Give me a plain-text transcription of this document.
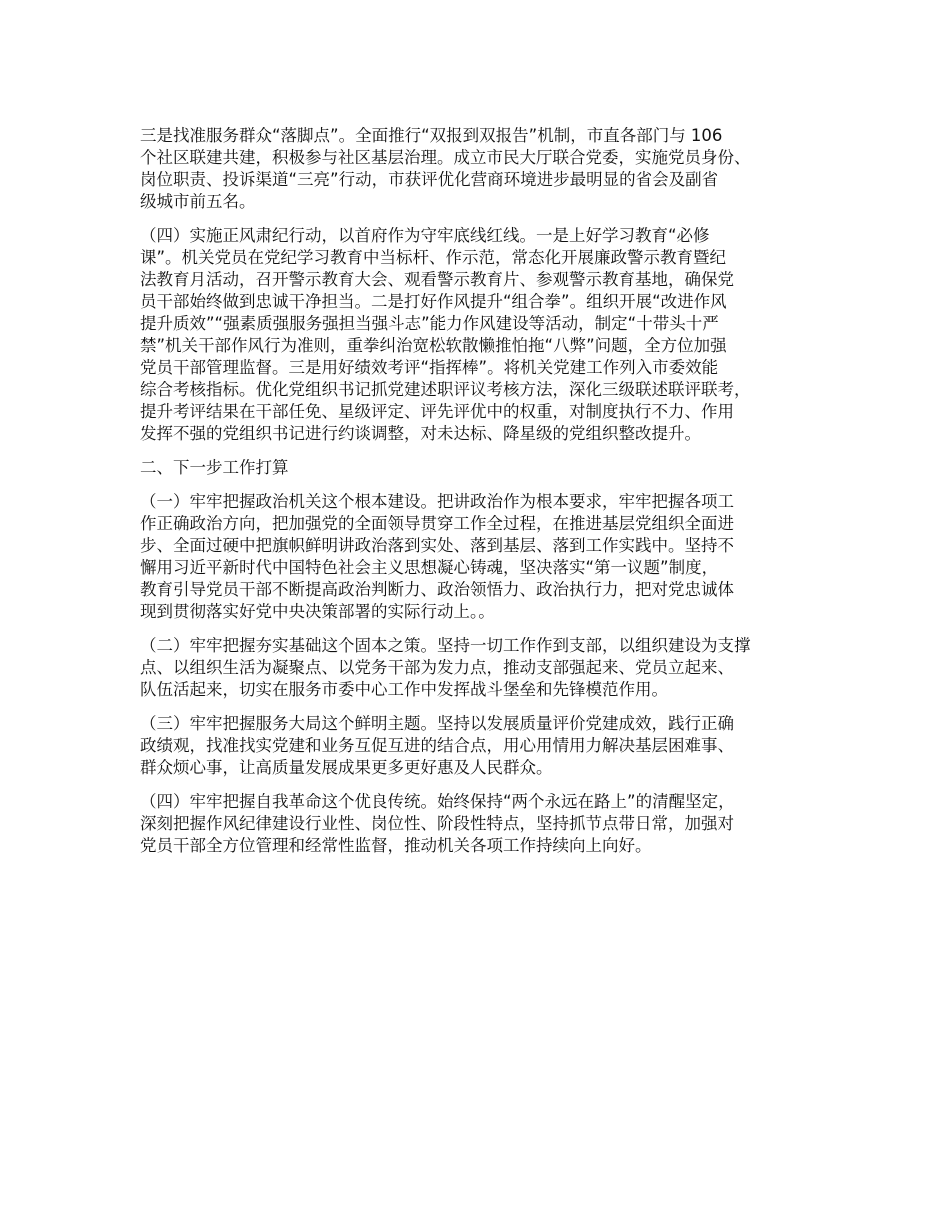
三是找准服务群众“落脚点”。全面推行“双报到双报告”机制，市直各部门与 106
个社区联建共建，积极参与社区基层治理。成立市民大厅联合党委，实施党员身份、
岗位职责、投诉渠道“三亮”行动，市获评优化营商环境进步最明显的省会及副省
级城市前五名。

（四）实施正风肃纪行动，以首府作为守牢底线红线。一是上好学习教育“必修
课”。机关党员在党纪学习教育中当标杆、作示范，常态化开展廉政警示教育暨纪
法教育月活动，召开警示教育大会、观看警示教育片、参观警示教育基地，确保党
员干部始终做到忠诚干净担当。二是打好作风提升“组合拳”。组织开展“改进作风
提升质效”“强素质强服务强担当强斗志”能力作风建设等活动，制定“十带头十严
禁”机关干部作风行为准则，重拳纠治宽松软散懒推怕拖“八弊”问题，全方位加强
党员干部管理监督。三是用好绩效考评“指挥棒”。将机关党建工作列入市委效能
综合考核指标。优化党组织书记抓党建述职评议考核方法，深化三级联述联评联考，
提升考评结果在干部任免、星级评定、评先评优中的权重，对制度执行不力、作用
发挥不强的党组织书记进行约谈调整，对未达标、降星级的党组织整改提升。

二、下一步工作打算

（一）牢牢把握政治机关这个根本建设。把讲政治作为根本要求，牢牢把握各项工
作正确政治方向，把加强党的全面领导贯穿工作全过程，在推进基层党组织全面进
步、全面过硬中把旗帜鲜明讲政治落到实处、落到基层、落到工作实践中。坚持不
懈用习近平新时代中国特色社会主义思想凝心铸魂，坚决落实“第一议题”制度，
教育引导党员干部不断提高政治判断力、政治领悟力、政治执行力，把对党忠诚体
现到贯彻落实好党中央决策部署的实际行动上。。

（二）牢牢把握夯实基础这个固本之策。坚持一切工作作到支部，以组织建设为支撑
点、以组织生活为凝聚点、以党务干部为发力点，推动支部强起来、党员立起来、
队伍活起来，切实在服务市委中心工作中发挥战斗堡垒和先锋模范作用。

（三）牢牢把握服务大局这个鲜明主题。坚持以发展质量评价党建成效，践行正确
政绩观，找准找实党建和业务互促互进的结合点，用心用情用力解决基层困难事、
群众烦心事，让高质量发展成果更多更好惠及人民群众。

（四）牢牢把握自我革命这个优良传统。始终保持“两个永远在路上”的清醒坚定，
深刻把握作风纪律建设行业性、岗位性、阶段性特点，坚持抓节点带日常，加强对
党员干部全方位管理和经常性监督，推动机关各项工作持续向上向好。
